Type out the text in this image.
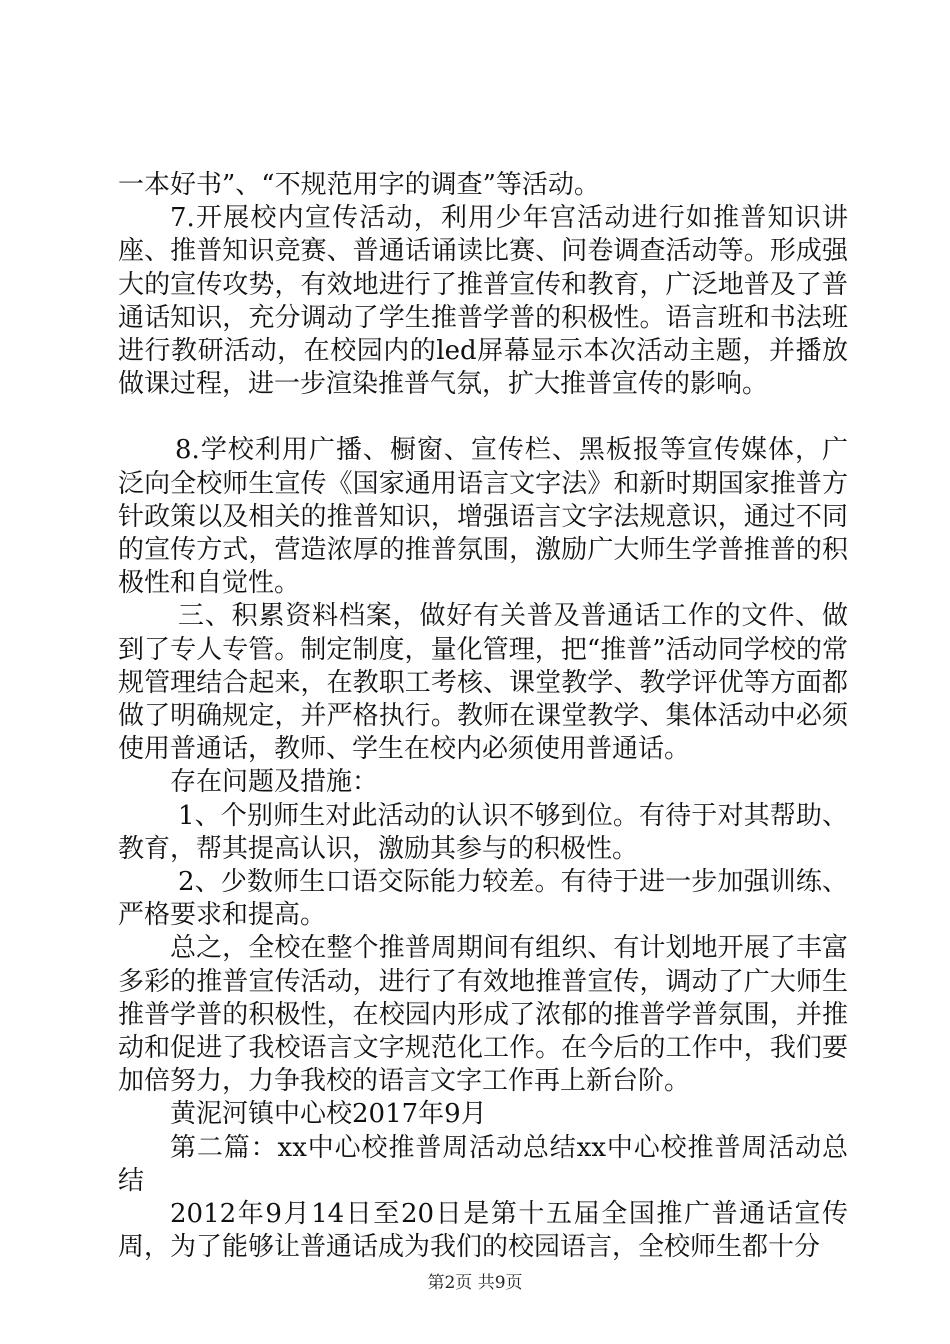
一本好书”、“不规范用字的调查”等活动。

7.开展校内宣传活动，利用少年宫活动进行如推普知识讲座、推普知识竞赛、普通话诵读比赛、问卷调查活动等。形成强大的宣传攻势，有效地进行了推普宣传和教育，广泛地普及了普通话知识，充分调动了学生推普学普的积极性。语言班和书法班进行教研活动，在校园内的led屏幕显示本次活动主题，并播放做课过程，进一步渲染推普气氛，扩大推普宣传的影响。

8.学校利用广播、橱窗、宣传栏、黑板报等宣传媒体，广泛向全校师生宣传《国家通用语言文字法》和新时期国家推普方针政策以及相关的推普知识，增强语言文字法规意识，通过不同的宣传方式，营造浓厚的推普氛围，激励广大师生学普推普的积极性和自觉性。

三、积累资料档案，做好有关普及普通话工作的文件、做到了专人专管。制定制度，量化管理，把“推普”活动同学校的常规管理结合起来，在教职工考核、课堂教学、教学评优等方面都做了明确规定，并严格执行。教师在课堂教学、集体活动中必须使用普通话，教师、学生在校内必须使用普通话。

存在问题及措施：

1、个别师生对此活动的认识不够到位。有待于对其帮助、教育，帮其提高认识，激励其参与的积极性。

2、少数师生口语交际能力较差。有待于进一步加强训练、严格要求和提高。

总之，全校在整个推普周期间有组织、有计划地开展了丰富多彩的推普宣传活动，进行了有效地推普宣传，调动了广大师生推普学普的积极性，在校园内形成了浓郁的推普学普氛围，并推动和促进了我校语言文字规范化工作。在今后的工作中，我们要加倍努力，力争我校的语言文字工作再上新台阶。

黄泥河镇中心校2017年9月

第二篇：xx中心校推普周活动总结xx中心校推普周活动总结

2012年9月14日至20日是第十五届全国推广普通话宣传周，为了能够让普通话成为我们的校园语言，全校师生都十分

第2页 共9页
